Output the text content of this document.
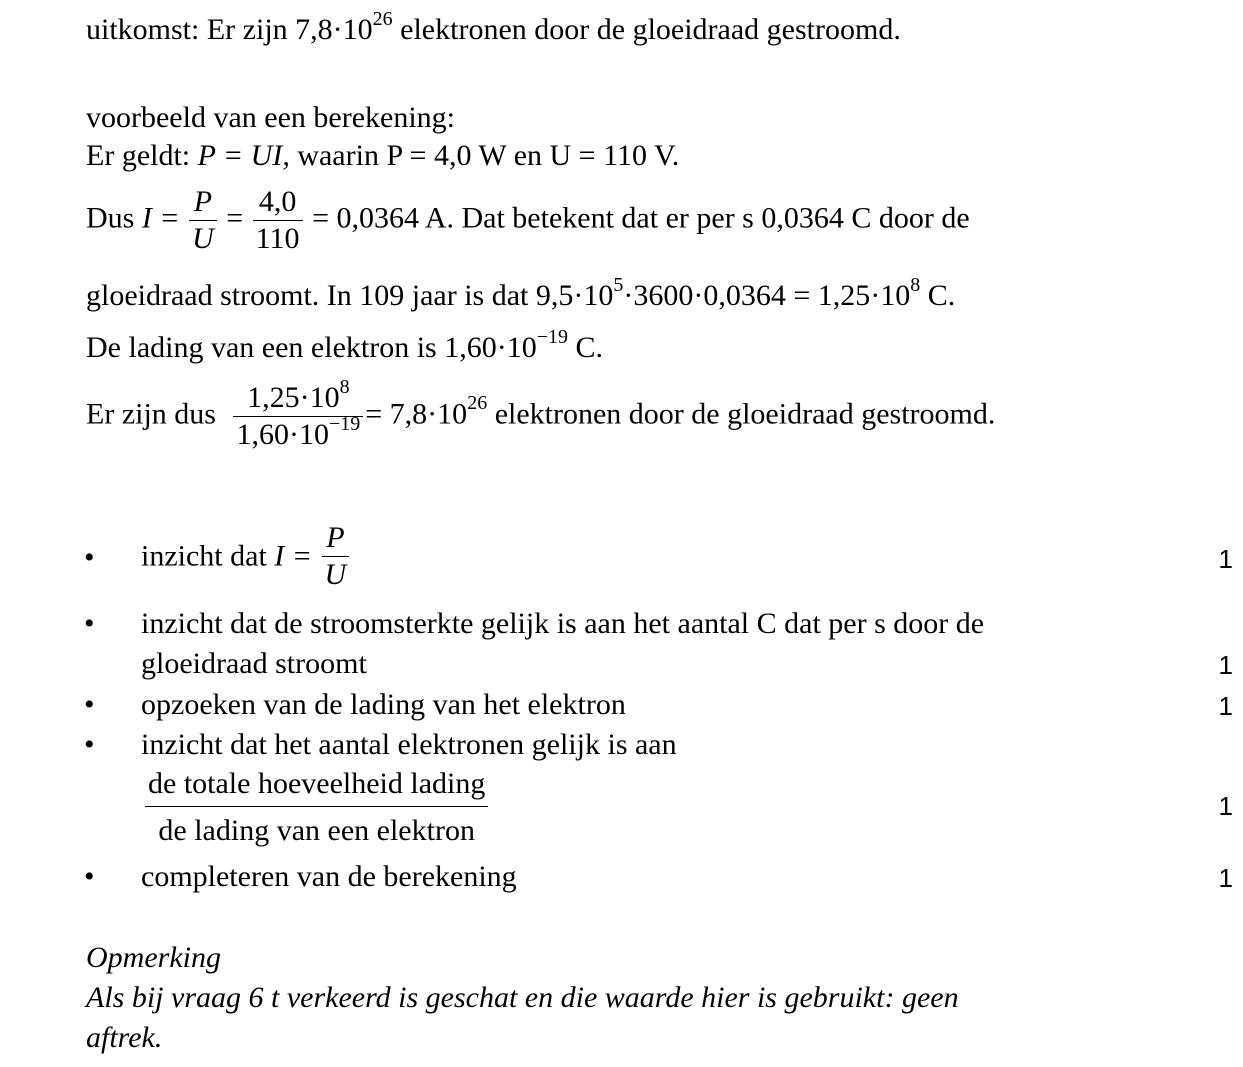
uitkomst: Er zijn $7,8\cdot 10^{26}$ elektronen door de gloeidraad gestroomd.
voorbeeld van een berekening:
Er geldt: P = UI, waarin P = 4,0 W en U = 110 V.
Dus $I = \frac{P}{U} = \frac{4,0}{110} = 0,0364$ A. Dat betekent dat er per s 0,0364 C door de
gloeidraad stroomt. In 109 jaar is dat $9,5\cdot 10^5\cdot 3600\cdot 0,0364 = 1,25\cdot 10^8$ C.
De lading van een elektron is $1,60\cdot 10^{-19}$ C.
Er zijn dus $\frac{1,25\cdot 10^8}{1,60\cdot 10^{-19}} = 7,8\cdot 10^{26}$ elektronen door de gloeidraad gestroomd.
• inzicht dat $I = \frac{P}{U}$	1
• inzicht dat de stroomsterkte gelijk is aan het aantal C dat per s door de
gloeidraad stroomt	1
• opzoeken van de lading van het elektron	1
• inzicht dat het aantal elektronen gelijk is aan
$\frac{\text{de totale hoeveelheid lading}}{\text{de lading van een elektron}}$	1
• completeren van de berekening	1
Opmerking
Als bij vraag 6 t verkeerd is geschat en die waarde hier is gebruikt: geen
aftrek.
